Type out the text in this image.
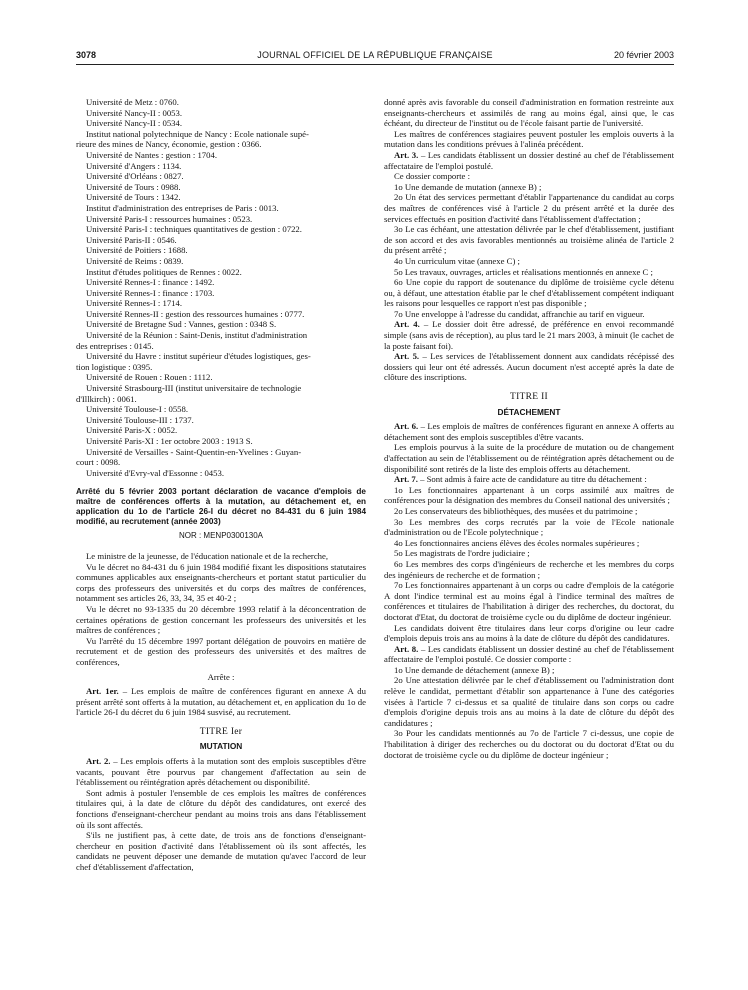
3078	JOURNAL OFFICIEL DE LA RÉPUBLIQUE FRANÇAISE	20 février 2003
Université de Metz : 0760.
Université Nancy-II : 0053.
Université Nancy-II : 0534.
Institut national polytechnique de Nancy : Ecole nationale supé-
rieure des mines de Nancy, économie, gestion : 0366.
Université de Nantes : gestion : 1704.
Université d'Angers : 1134.
Université d'Orléans : 0827.
Université de Tours : 0988.
Université de Tours : 1342.
Institut d'administration des entreprises de Paris : 0013.
Université Paris-I : ressources humaines : 0523.
Université Paris-I : techniques quantitatives de gestion : 0722.
Université Paris-II : 0546.
Université de Poitiers : 1688.
Université de Reims : 0839.
Institut d'études politiques de Rennes : 0022.
Université Rennes-I : finance : 1492.
Université Rennes-I : finance : 1703.
Université Rennes-I : 1714.
Université Rennes-II : gestion des ressources humaines : 0777.
Université de Bretagne Sud : Vannes, gestion : 0348 S.
Université de la Réunion : Saint-Denis, institut d'administration
des entreprises : 0145.
Université du Havre : institut supérieur d'études logistiques, ges-
tion logistique : 0395.
Université de Rouen : Rouen : 1112.
Université Strasbourg-III (institut universitaire de technologie
d'Illkirch) : 0061.
Université Toulouse-I : 0558.
Université Toulouse-III : 1737.
Université Paris-X : 0052.
Université Paris-XI : 1er octobre 2003 : 1913 S.
Université de Versailles - Saint-Quentin-en-Yvelines : Guyan-
court : 0098.
Université d'Evry-val d'Essonne : 0453.
Arrêté du 5 février 2003 portant déclaration de vacance d'emplois de maître de conférences offerts à la mutation, au détachement et, en application du 1o de l'article 26-I du décret no 84-431 du 6 juin 1984 modifié, au recrutement (année 2003)
NOR : MENP0300130A

Le ministre de la jeunesse, de l'éducation nationale et de la recherche,

Vu le décret no 84-431 du 6 juin 1984 modifié fixant les dispositions statutaires communes applicables aux enseignants-chercheurs et portant statut particulier du corps des professeurs des universités et du corps des maîtres de conférences, notamment ses articles 26, 33, 34, 35 et 40-2 ;

Vu le décret no 93-1335 du 20 décembre 1993 relatif à la déconcentration de certaines opérations de gestion concernant les professeurs des universités et les maîtres de conférences ;

Vu l'arrêté du 15 décembre 1997 portant délégation de pouvoirs en matière de recrutement et de gestion des professeurs des universités et des maîtres de conférences,

Arrête :

Art. 1er. – Les emplois de maître de conférences figurant en annexe A du présent arrêté sont offerts à la mutation, au détachement et, en application du 1o de l'article 26-I du décret du 6 juin 1984 susvisé, au recrutement.

TITRE Ier
MUTATION

Art. 2. – Les emplois offerts à la mutation sont des emplois susceptibles d'être vacants, pouvant être pourvus par changement d'affectation au sein de l'établissement ou réintégration après détachement ou disponibilité.

Sont admis à postuler l'ensemble de ces emplois les maîtres de conférences titulaires qui, à la date de clôture du dépôt des candidatures, ont exercé des fonctions d'enseignant-chercheur pendant au moins trois ans dans l'établissement où ils sont affectés.

S'ils ne justifient pas, à cette date, de trois ans de fonctions d'enseignant-chercheur en position d'activité dans l'établissement où ils sont affectés, les candidats ne peuvent déposer une demande de mutation qu'avec l'accord de leur chef d'établissement d'affectation,

donné après avis favorable du conseil d'administration en formation restreinte aux enseignants-chercheurs et assimilés de rang au moins égal, ainsi que, le cas échéant, du directeur de l'institut ou de l'école faisant partie de l'université.

Les maîtres de conférences stagiaires peuvent postuler les emplois ouverts à la mutation dans les conditions prévues à l'alinéa précédent.

Art. 3. – Les candidats établissent un dossier destiné au chef de l'établissement affectataire de l'emploi postulé.

Ce dossier comporte :

1o Une demande de mutation (annexe B) ;

2o Un état des services permettant d'établir l'appartenance du candidat au corps des maîtres de conférences visé à l'article 2 du présent arrêté et la durée des services effectués en position d'activité dans l'établissement d'affectation ;

3o Le cas échéant, une attestation délivrée par le chef d'établissement, justifiant de son accord et des avis favorables mentionnés au troisième alinéa de l'article 2 du présent arrêté ;

4o Un curriculum vitae (annexe C) ;

5o Les travaux, ouvrages, articles et réalisations mentionnés en annexe C ;

6o Une copie du rapport de soutenance du diplôme de troisième cycle détenu ou, à défaut, une attestation établie par le chef d'établissement compétent indiquant les raisons pour lesquelles ce rapport n'est pas disponible ;

7o Une enveloppe à l'adresse du candidat, affranchie au tarif en vigueur.

Art. 4. – Le dossier doit être adressé, de préférence en envoi recommandé simple (sans avis de réception), au plus tard le 21 mars 2003, à minuit (le cachet de la poste faisant foi).

Art. 5. – Les services de l'établissement donnent aux candidats récépissé des dossiers qui leur ont été adressés. Aucun document n'est accepté après la date de clôture des inscriptions.

TITRE II
DÉTACHEMENT

Art. 6. – Les emplois de maîtres de conférences figurant en annexe A offerts au détachement sont des emplois susceptibles d'être vacants.

Les emplois pourvus à la suite de la procédure de mutation ou de changement d'affectation au sein de l'établissement ou de réintégration après détachement ou de disponibilité sont retirés de la liste des emplois offerts au détachement.

Art. 7. – Sont admis à faire acte de candidature au titre du détachement :

1o Les fonctionnaires appartenant à un corps assimilé aux maîtres de conférences pour la désignation des membres du Conseil national des universités ;

2o Les conservateurs des bibliothèques, des musées et du patrimoine ;

3o Les membres des corps recrutés par la voie de l'Ecole nationale d'administration ou de l'Ecole polytechnique ;

4o Les fonctionnaires anciens élèves des écoles normales supérieures ;

5o Les magistrats de l'ordre judiciaire ;

6o Les membres des corps d'ingénieurs de recherche et les membres du corps des ingénieurs de recherche et de formation ;

7o Les fonctionnaires appartenant à un corps ou cadre d'emplois de la catégorie A dont l'indice terminal est au moins égal à l'indice terminal des maîtres de conférences et titulaires de l'habilitation à diriger des recherches, du doctorat, du doctorat d'Etat, du doctorat de troisième cycle ou du diplôme de docteur ingénieur.

Les candidats doivent être titulaires dans leur corps d'origine ou leur cadre d'emplois depuis trois ans au moins à la date de clôture du dépôt des candidatures.

Art. 8. – Les candidats établissent un dossier destiné au chef de l'établissement affectataire de l'emploi postulé. Ce dossier comporte :

1o Une demande de détachement (annexe B) ;

2o Une attestation délivrée par le chef d'établissement ou l'administration dont relève le candidat, permettant d'établir son appartenance à l'une des catégories visées à l'article 7 ci-dessus et sa qualité de titulaire dans son corps ou cadre d'emplois d'origine depuis trois ans au moins à la date de clôture du dépôt des candidatures ;

3o Pour les candidats mentionnés au 7o de l'article 7 ci-dessus, une copie de l'habilitation à diriger des recherches ou du doctorat ou du doctorat d'Etat ou du doctorat de troisième cycle ou du diplôme de docteur ingénieur ;
